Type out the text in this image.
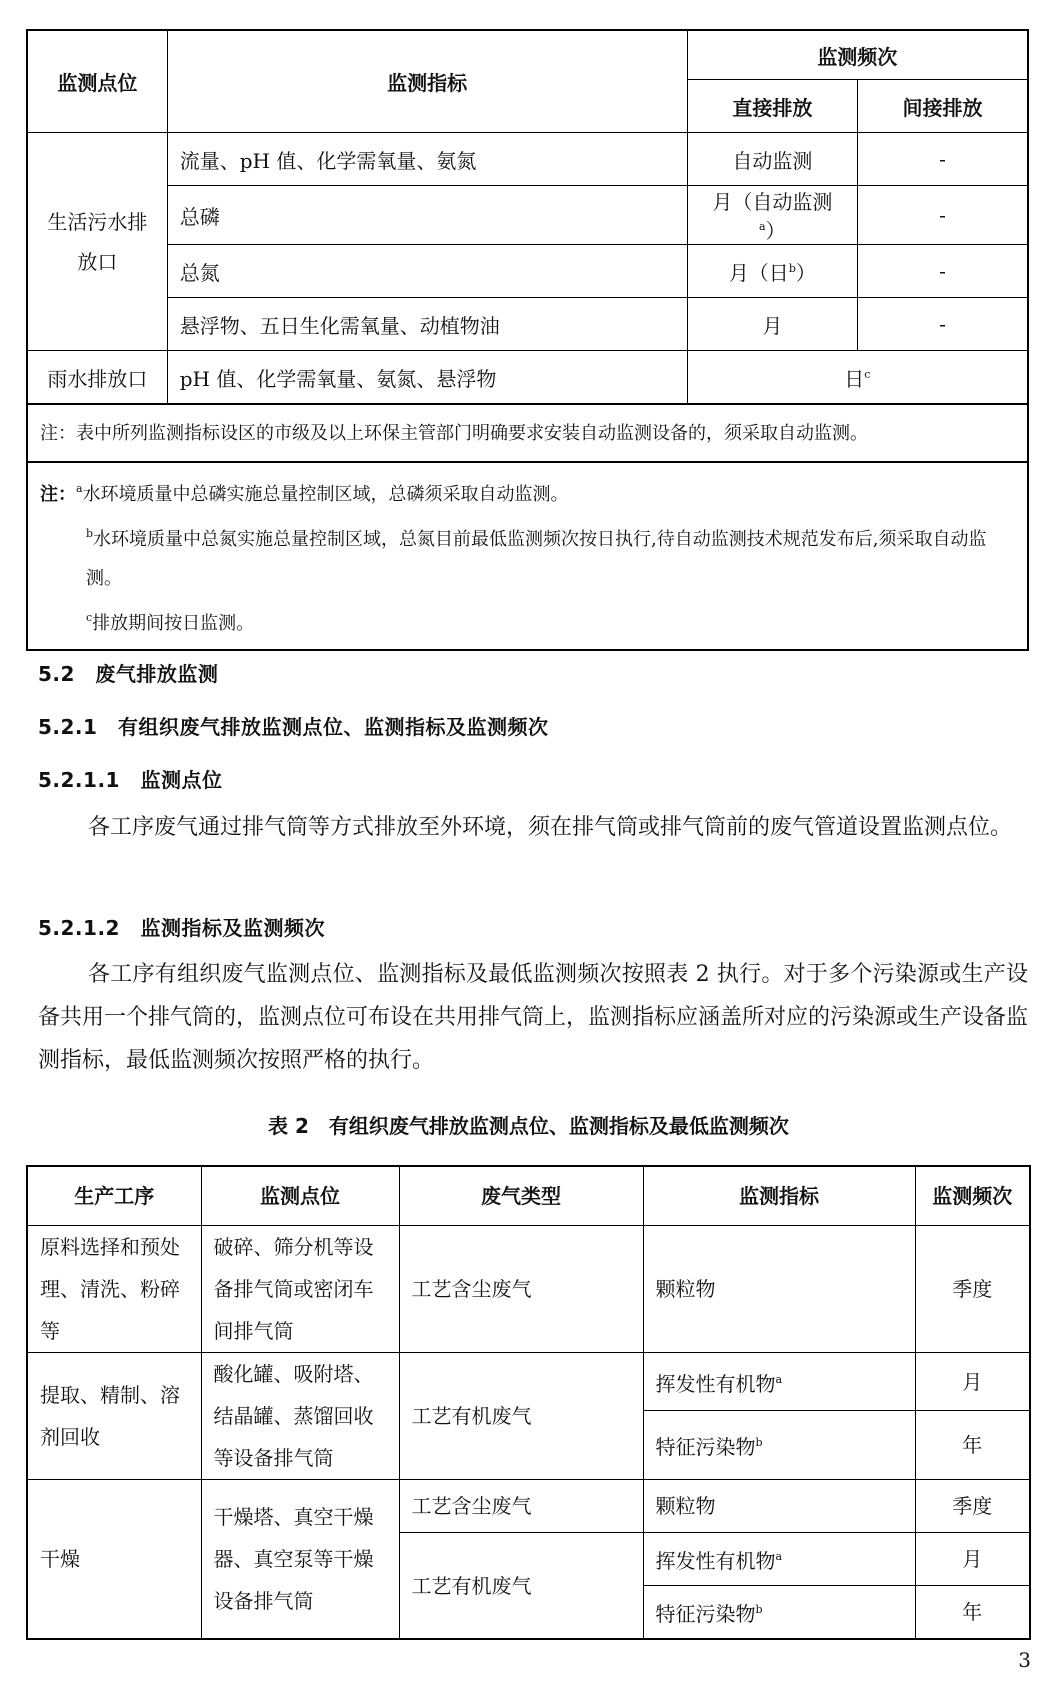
监测点位	监测指标	监测频次	
		直接排放	间接排放
生活污水排放口	流量、pH 值、化学需氧量、氨氮	自动监测	-
	总磷	月（自动监测$^a$）	-
	总氮	月（日$^b$）	-
	悬浮物、五日生化需氧量、动植物油	月	-
雨水排放口	pH 值、化学需氧量、氨氮、悬浮物	日$^c$
注：表中所列监测指标设区的市级及以上环保主管部门明确要求安装自动监测设备的，须采取自动监测。			

注：$^a$水环境质量中总磷实施总量控制区域，总磷须采取自动监测。
$^b$水环境质量中总氮实施总量控制区域，总氮目前最低监测频次按日执行,待自动监测技术规范发布后,须采取自动监测。
$^c$排放期间按日监测。			
5.2　废气排放监测
5.2.1　有组织废气排放监测点位、监测指标及监测频次
5.2.1.1　监测点位
各工序废气通过排气筒等方式排放至外环境，须在排气筒或排气筒前的废气管道设置监测点位。
5.2.1.2　监测指标及监测频次
各工序有组织废气监测点位、监测指标及最低监测频次按照表 2 执行。对于多个污染源或生产设备共用一个排气筒的，监测点位可布设在共用排气筒上，监测指标应涵盖所对应的污染源或生产设备监测指标，最低监测频次按照严格的执行。
表 2　有组织废气排放监测点位、监测指标及最低监测频次
生产工序	监测点位	废气类型	监测指标	监测频次
原料选择和预处理、清洗、粉碎等	破碎、筛分机等设备排气筒或密闭车间排气筒	工艺含尘废气	颗粒物	季度
提取、精制、溶剂回收	酸化罐、吸附塔、结晶罐、蒸馏回收等设备排气筒	工艺有机废气	挥发性有机物$^a$	月
			特征污染物$^b$	年
干燥	干燥塔、真空干燥器、真空泵等干燥设备排气筒	工艺含尘废气	颗粒物	季度
		工艺有机废气	挥发性有机物$^a$	月
			特征污染物$^b$	年
3
